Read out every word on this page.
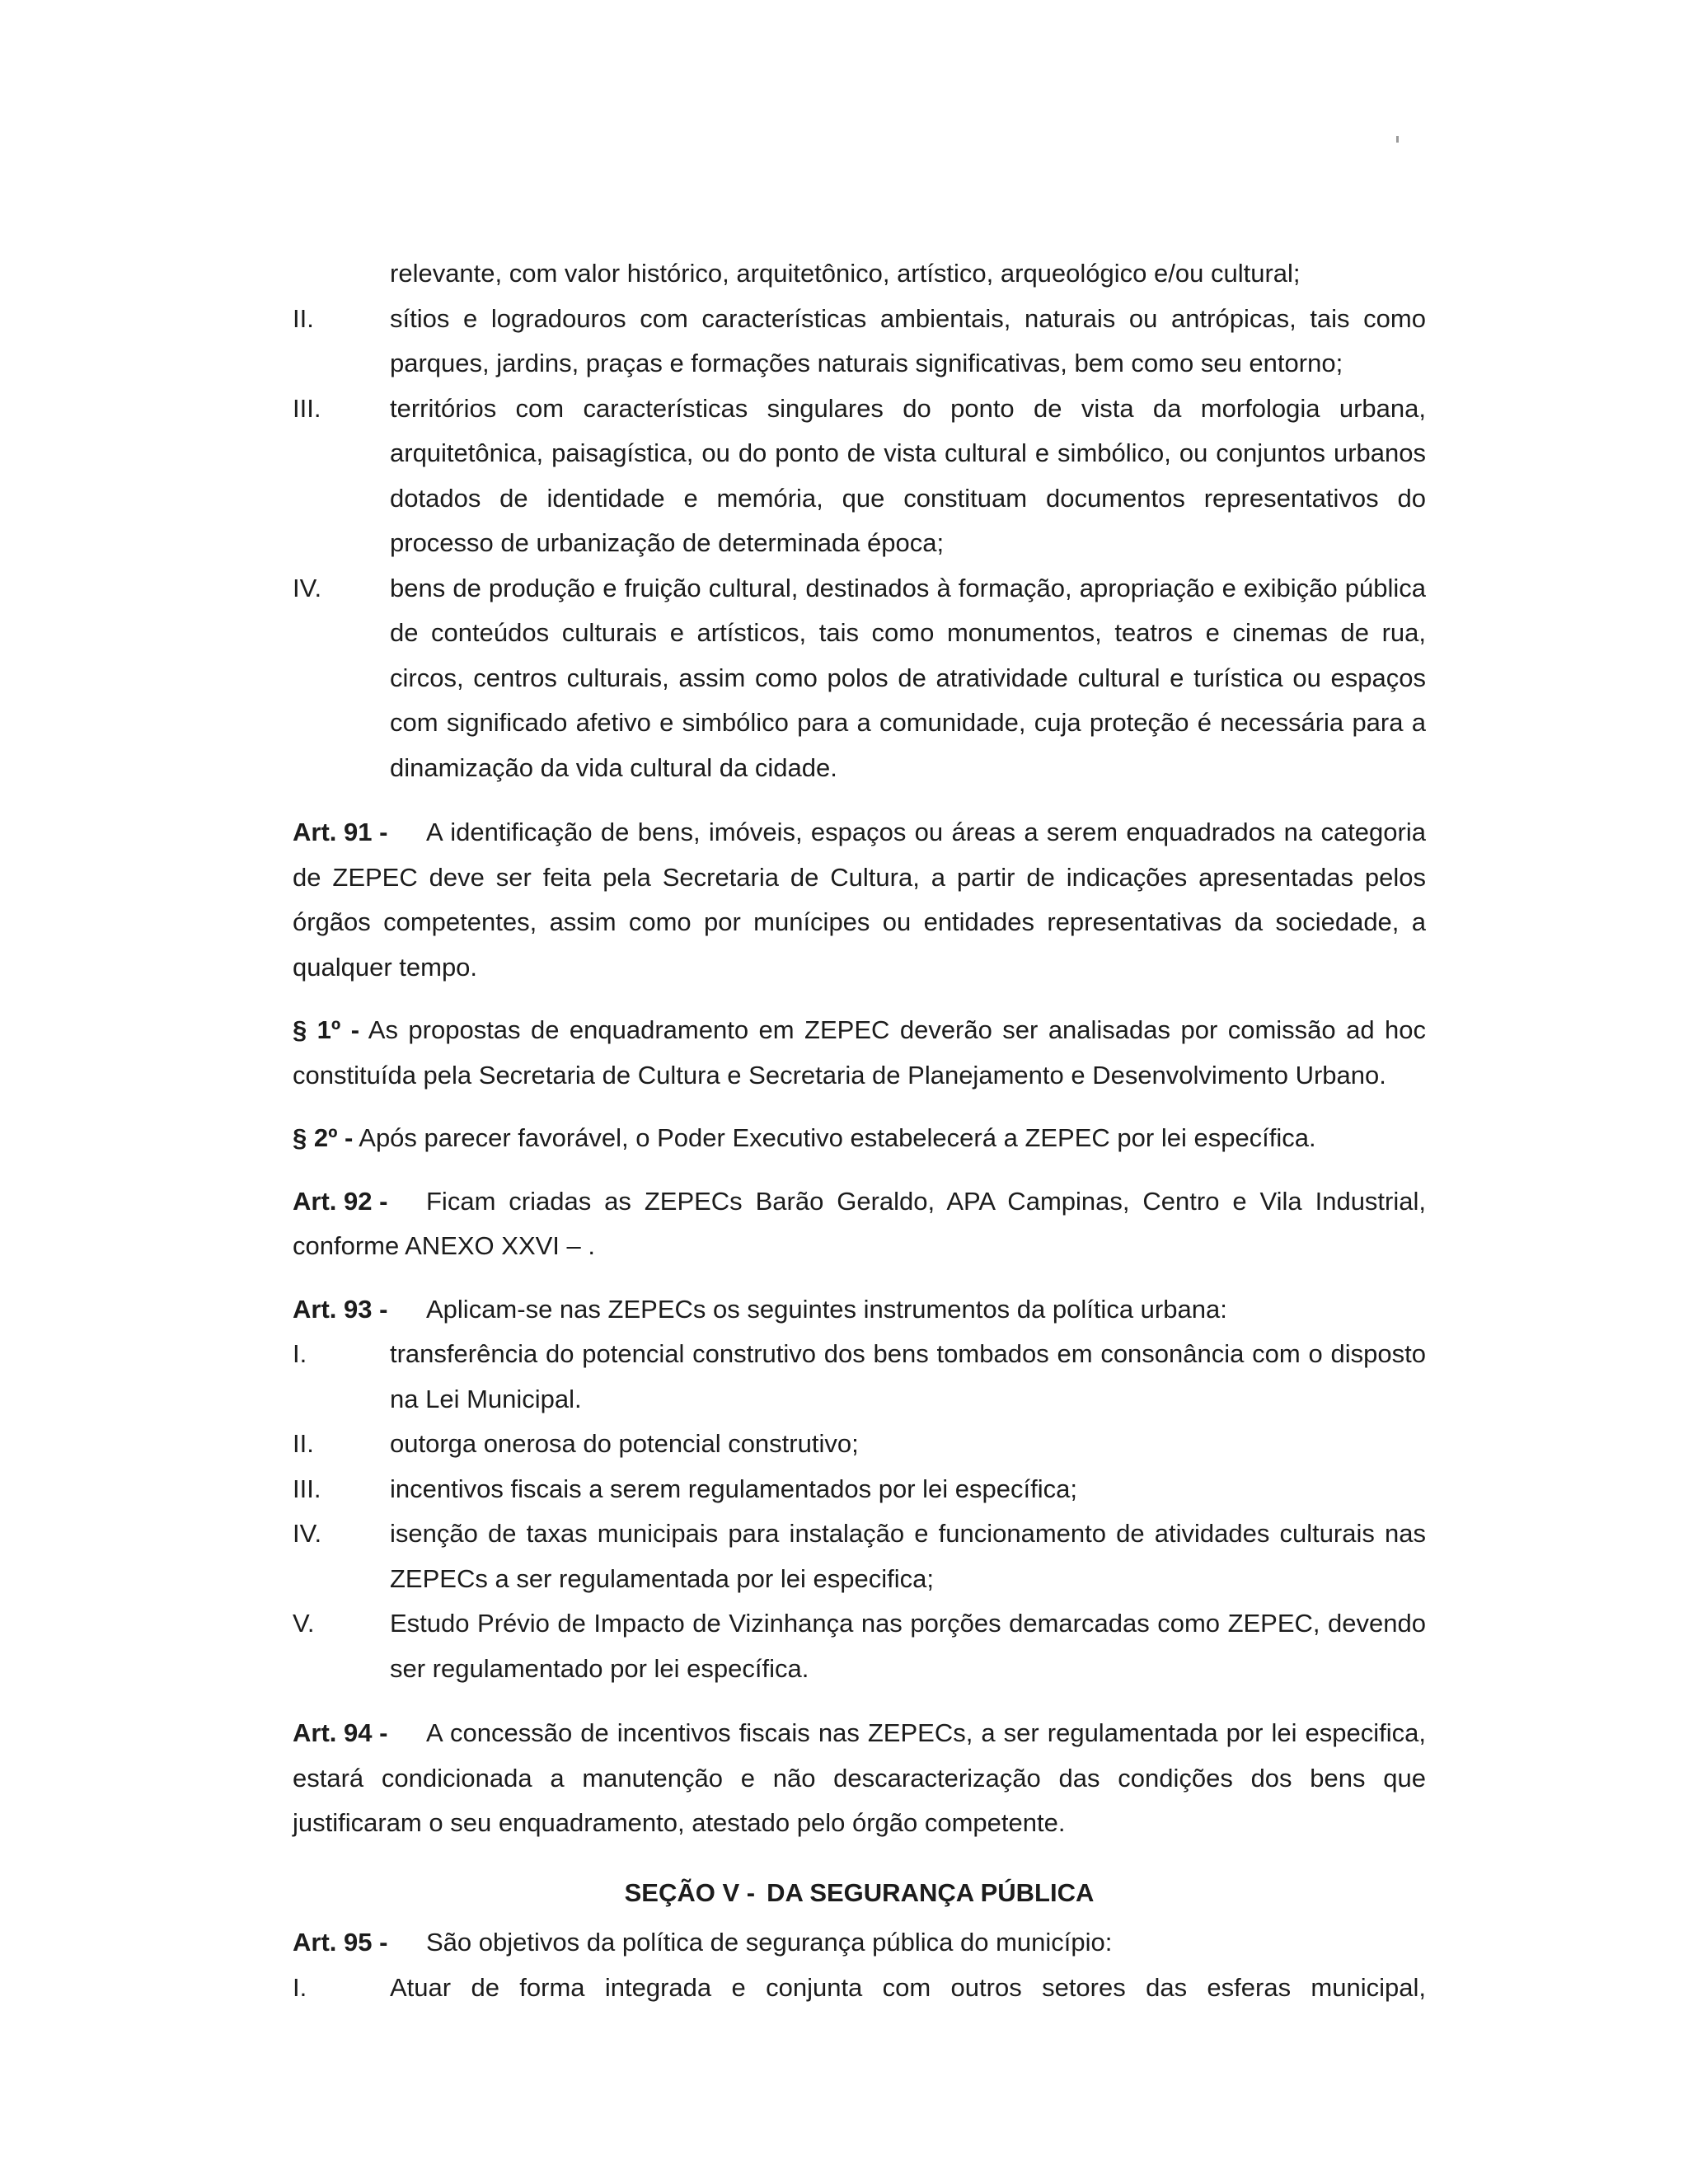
relevante, com valor histórico, arquitetônico, artístico, arqueológico e/ou cultural;
II.	sítios e logradouros com características ambientais, naturais ou antrópicas, tais como parques, jardins, praças e formações naturais significativas, bem como seu entorno;
III.	territórios com características singulares do ponto de vista da morfologia urbana, arquitetônica, paisagística, ou do ponto de vista cultural e simbólico, ou conjuntos urbanos dotados de identidade e memória, que constituam documentos representativos do processo de urbanização de determinada época;
IV.	bens de produção e fruição cultural, destinados à formação, apropriação e exibição pública de conteúdos culturais e artísticos, tais como monumentos, teatros e cinemas de rua, circos, centros culturais, assim como polos de atratividade cultural e turística ou espaços com significado afetivo e simbólico para a comunidade, cuja proteção é necessária para a dinamização da vida cultural da cidade.
Art. 91 - A identificação de bens, imóveis, espaços ou áreas a serem enquadrados na categoria de ZEPEC deve ser feita pela Secretaria de Cultura, a partir de indicações apresentadas pelos órgãos competentes, assim como por munícipes ou entidades representativas da sociedade, a qualquer tempo.
§ 1º - As propostas de enquadramento em ZEPEC deverão ser analisadas por comissão ad hoc constituída pela Secretaria de Cultura e Secretaria de Planejamento e Desenvolvimento Urbano.
§ 2º - Após parecer favorável, o Poder Executivo estabelecerá a ZEPEC por lei específica.
Art. 92 - Ficam criadas as ZEPECs Barão Geraldo, APA Campinas, Centro e Vila Industrial, conforme ANEXO XXVI – .
Art. 93 - Aplicam-se nas ZEPECs os seguintes instrumentos da política urbana:
I.	transferência do potencial construtivo dos bens tombados em consonância com o disposto na Lei Municipal.
II.	outorga onerosa do potencial construtivo;
III.	incentivos fiscais a serem regulamentados por lei específica;
IV.	isenção de taxas municipais para instalação e funcionamento de atividades culturais nas ZEPECs a ser regulamentada por lei especifica;
V.	Estudo Prévio de Impacto de Vizinhança nas porções demarcadas como ZEPEC, devendo ser regulamentado por lei específica.
Art. 94 - A concessão de incentivos fiscais nas ZEPECs, a ser regulamentada por lei especifica, estará condicionada a manutenção e não descaracterização das condições dos bens que justificaram o seu enquadramento, atestado pelo órgão competente.
SEÇÃO V - DA SEGURANÇA PÚBLICA
Art. 95 - São objetivos da política de segurança pública do município:
I.	Atuar de forma integrada e conjunta com outros setores das esferas municipal,
